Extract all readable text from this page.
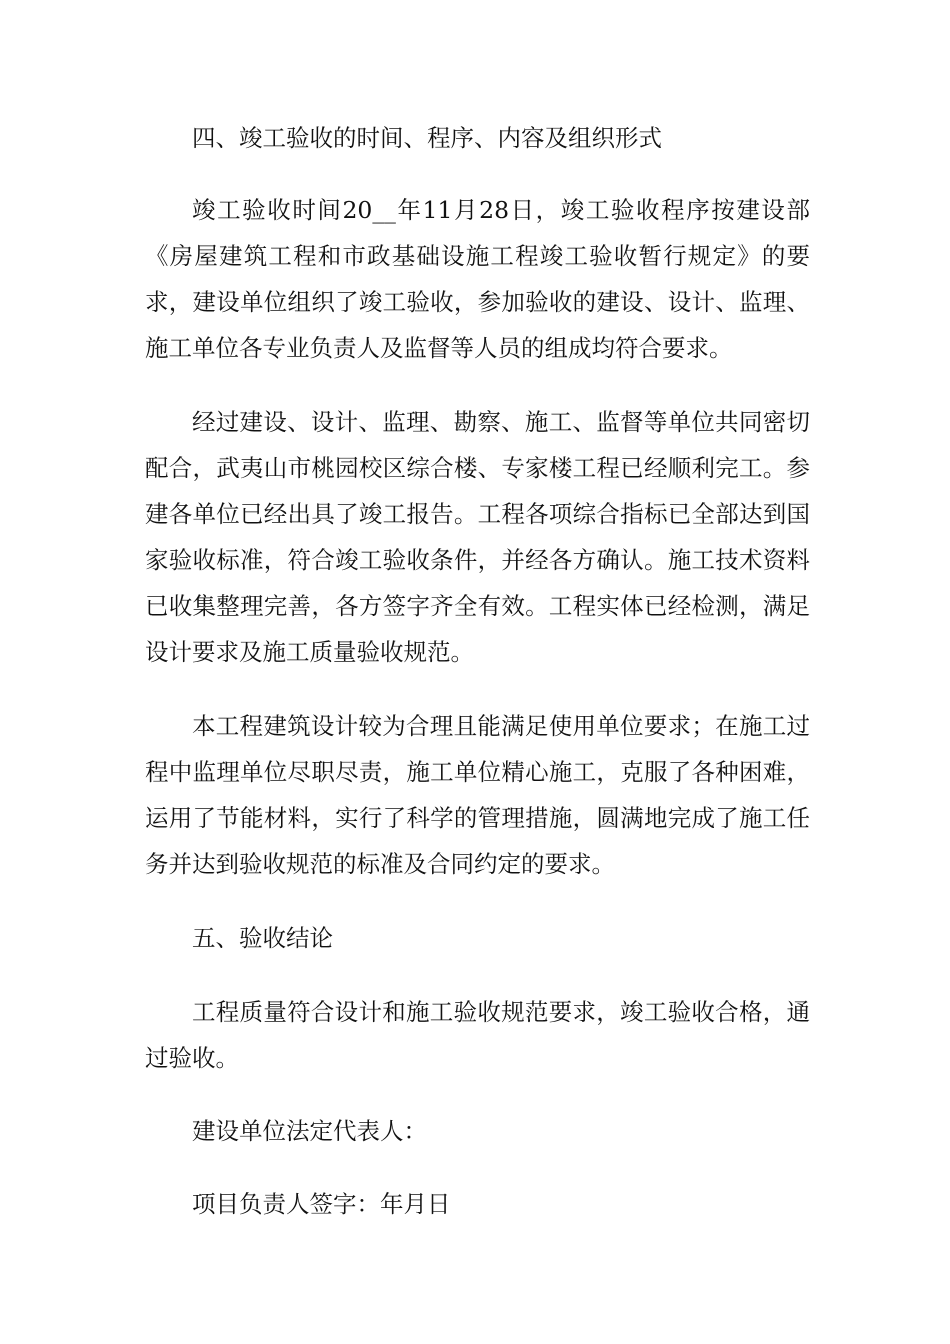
四、竣工验收的时间、程序、内容及组织形式

竣工验收时间20__年11月28日，竣工验收程序按建设部《房屋建筑工程和市政基础设施工程竣工验收暂行规定》的要求，建设单位组织了竣工验收，参加验收的建设、设计、监理、施工单位各专业负责人及监督等人员的组成均符合要求。

经过建设、设计、监理、勘察、施工、监督等单位共同密切配合，武夷山市桃园校区综合楼、专家楼工程已经顺利完工。参建各单位已经出具了竣工报告。工程各项综合指标已全部达到国家验收标准，符合竣工验收条件，并经各方确认。施工技术资料已收集整理完善，各方签字齐全有效。工程实体已经检测，满足设计要求及施工质量验收规范。

本工程建筑设计较为合理且能满足使用单位要求；在施工过程中监理单位尽职尽责，施工单位精心施工，克服了各种困难，运用了节能材料，实行了科学的管理措施，圆满地完成了施工任务并达到验收规范的标准及合同约定的要求。

五、验收结论

工程质量符合设计和施工验收规范要求，竣工验收合格，通过验收。

建设单位法定代表人：

项目负责人签字：年月日
